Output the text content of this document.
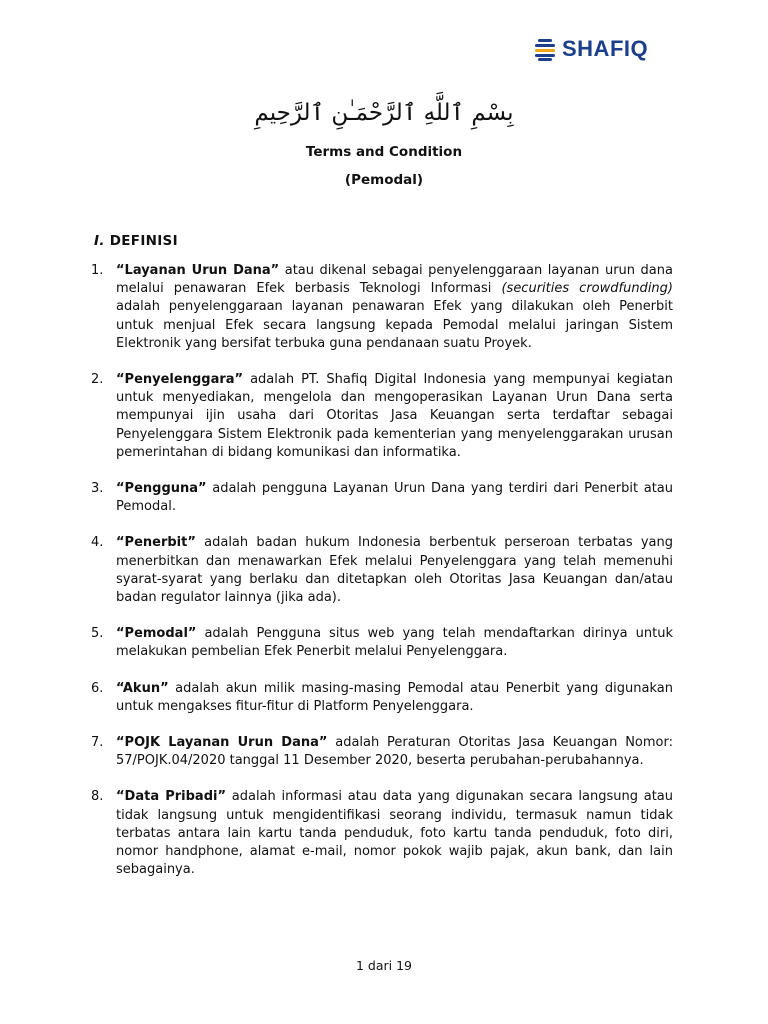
SHAFIQ
بِسْمِ ٱللَّهِ ٱلرَّحْمَـٰنِ ٱلرَّحِيمِ
Terms and Condition
(Pemodal)
I. DEFINISI
1. “Layanan Urun Dana” atau dikenal sebagai penyelenggaraan layanan urun dana melalui penawaran Efek berbasis Teknologi Informasi (securities crowdfunding) adalah penyelenggaraan layanan penawaran Efek yang dilakukan oleh Penerbit untuk menjual Efek secara langsung kepada Pemodal melalui jaringan Sistem Elektronik yang bersifat terbuka guna pendanaan suatu Proyek.
2. “Penyelenggara” adalah PT. Shafiq Digital Indonesia yang mempunyai kegiatan untuk menyediakan, mengelola dan mengoperasikan Layanan Urun Dana serta mempunyai ijin usaha dari Otoritas Jasa Keuangan serta terdaftar sebagai Penyelenggara Sistem Elektronik pada kementerian yang menyelenggarakan urusan pemerintahan di bidang komunikasi dan informatika.
3. “Pengguna” adalah pengguna Layanan Urun Dana yang terdiri dari Penerbit atau Pemodal.
4. “Penerbit” adalah badan hukum Indonesia berbentuk perseroan terbatas yang menerbitkan dan menawarkan Efek melalui Penyelenggara yang telah memenuhi syarat-syarat yang berlaku dan ditetapkan oleh Otoritas Jasa Keuangan dan/atau badan regulator lainnya (jika ada).
5. “Pemodal” adalah Pengguna situs web yang telah mendaftarkan dirinya untuk melakukan pembelian Efek Penerbit melalui Penyelenggara.
6. “Akun” adalah akun milik masing-masing Pemodal atau Penerbit yang digunakan untuk mengakses fitur-fitur di Platform Penyelenggara.
7. “POJK Layanan Urun Dana” adalah Peraturan Otoritas Jasa Keuangan Nomor: 57/POJK.04/2020 tanggal 11 Desember 2020, beserta perubahan-perubahannya.
8. “Data Pribadi” adalah informasi atau data yang digunakan secara langsung atau tidak langsung untuk mengidentifikasi seorang individu, termasuk namun tidak terbatas antara lain kartu tanda penduduk, foto kartu tanda penduduk, foto diri, nomor handphone, alamat e-mail, nomor pokok wajib pajak, akun bank, dan lain sebagainya.
1 dari 19
